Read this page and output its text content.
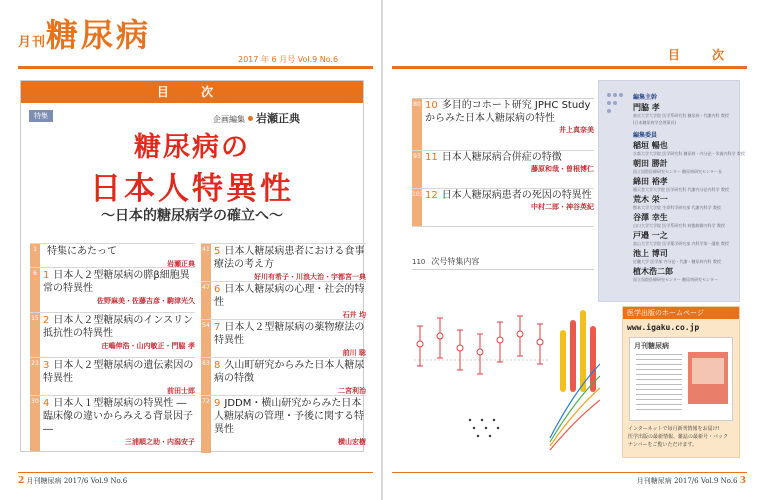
月刊糖尿病
2017 年 6 月号 Vol.9 No.6	目 次
目 次
特集	企画編集 岩瀬正典
糖尿病の
日本人特異性
～日本的糖尿病学の確立へ～
1	特集にあたって
岩瀬正典
6 1 日本人２型糖尿病の膵β細胞異常の特異性
佐野麻美・佐藤吉彦・駒津光久
15 2 日本人２型糖尿病のインスリン抵抗性の特異性
庄嶋伸浩・山内敏正・門脇 孝
23 3 日本人２型糖尿病の遺伝素因の特異性
前田士郎
30 4 日本人１型糖尿病の特異性 ―臨床像の違いからみえる背景因子―
三浦順之助・内潟安子
41 5 日本人糖尿病患者における食事療法の考え方
好川有希子・川浪大治・宇都宮一典
47 6 日本人糖尿病の心理・社会的特性
石井 均
54 7 日本人２型糖尿病の薬物療法の特異性
前川 聡
63 8 久山町研究からみた日本人糖尿病の特徴
二宮利治
72 9 JDDM・横山研究からみた日本人糖尿病の管理・予後に関する特異性
横山宏樹
80 10 多目的コホート研究 JPHC Study からみた日本人糖尿病の特性
井上真奈美
93 11 日本人糖尿病合併症の特徴
藤原和哉・曽根博仁
103 12 日本人糖尿病患者の死因の特異性
中村二郎・神谷英紀
110 次号特集内容
編集主幹
門脇 孝
東京大学大学院 医学系研究科 糖尿病・代謝内科 教授
(日本糖尿病学会理事長)
編集委員
稲垣 暢也
京都大学大学院 医学研究科 糖尿病・内分泌・栄養内科学 教授
朝田 勝計
国立国際医療研究センター 糖尿病研究センター長
綿田 裕孝
順天堂大学大学院 医学研究科 代謝内分泌内科学 教授
荒木 栄一
熊本大学大学院 生命科学研究部 代謝内科学 教授
谷澤 幸生
山口大学大学院 医学系研究科 病態制御内科学 教授
戸邉 一之
富山大学大学院 医学薬学研究部 内科学第一講座 教授
池上 博司
近畿大学 医学部 内分泌・代謝・糖尿病内科 教授
植木浩二郎
国立国際医療研究センター 糖尿病研究センター
医学出版のホームページ
www.igaku.co.jp
月刊糖尿病
インターネットで毎月新刊情報をお届け!
医学出版の最新情報、雑誌の最新号・バック
ナンバーをご覧いただけます。
2 月刊糖尿病 2017/6 Vol.9 No.6	月刊糖尿病 2017/6 Vol.9 No.6 3
